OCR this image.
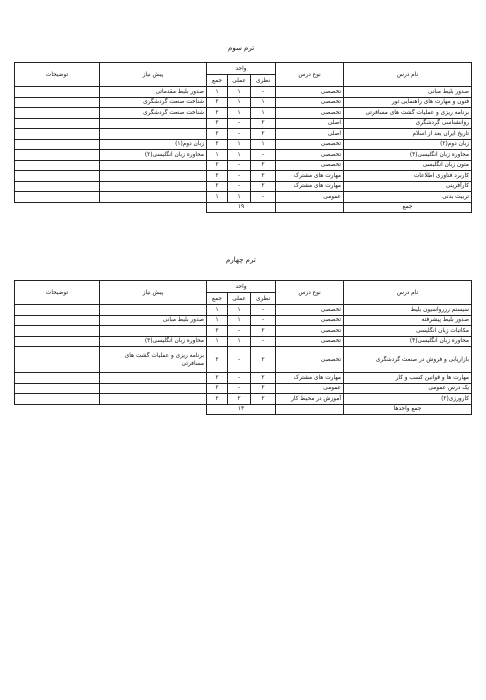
ترم سوم
نام درس	نوع درس	واحد			پیش نیاز	توضیحات
		نظری	عملی	جمع		
صدور بلیط مبانی	تخصصی	-	۱	۱	صدور بلیط مقدماتی	
فنون و مهارت های راهنمایی تور	تخصصی	۱	۱	۲	شناخت صنعت گردشگری	
برنامه ریزی و عملیات گشت های مسافرتی	تخصصی	۱	۱	۲	شناخت صنعت گردشگری	
روانشناسی گردشگری	اصلی	۲	-	۲		
تاریخ ایران بعد از اسلام	اصلی	۲	-	۲		
زبان دوم(۲)	تخصصی	۱	۱	۲	زبان دوم(۱)	
محاوره زبان انگلیسی(۳)	تخصصی	-	۱	۱	محاوره زبان انگلیسی(۲)	
متون زبان انگلیسی	تخصصی	۲	-	۲		
کاربرد فناوری اطلاعات	مهارت های مشترک	۲	-	۲		
کارآفرینی	مهارت های مشترک	۲	-	۲		
تربیت بدنی	عمومی	-	۱	۱		
جمع		۱۹				
ترم چهارم
نام درس	نوع درس	واحد			پیش نیاز	توضیحات
		نظری	عملی	جمع		
سیستم رزرواسیون بلیط	تخصصی	-	۱	۱		
صدور بلیط پیشرفته	تخصصی	-	۱	۱	صدور بلیط مبانی	
مکاتبات زبان انگلیسی	تخصصی	۲	-	۲		
محاوره زبان انگلیسی(۴)	تخصصی	-	۱	۱	محاوره زبان انگلیسی(۳)	
بازاریابی و فروش در صنعت گردشگری	تخصصی	۲	-	۲	برنامه ریزی و عملیات گشت های مسافرتی	
مهارت ها و قوانین کسب و کار	مهارت های مشترک	۲	-	۲		
یک درس عمومی	عمومی	۲	-	۲		
کارورزی(۲)	آموزش در محیط کار	۲	۲	۲		
جمع واحدها		۱۳				
